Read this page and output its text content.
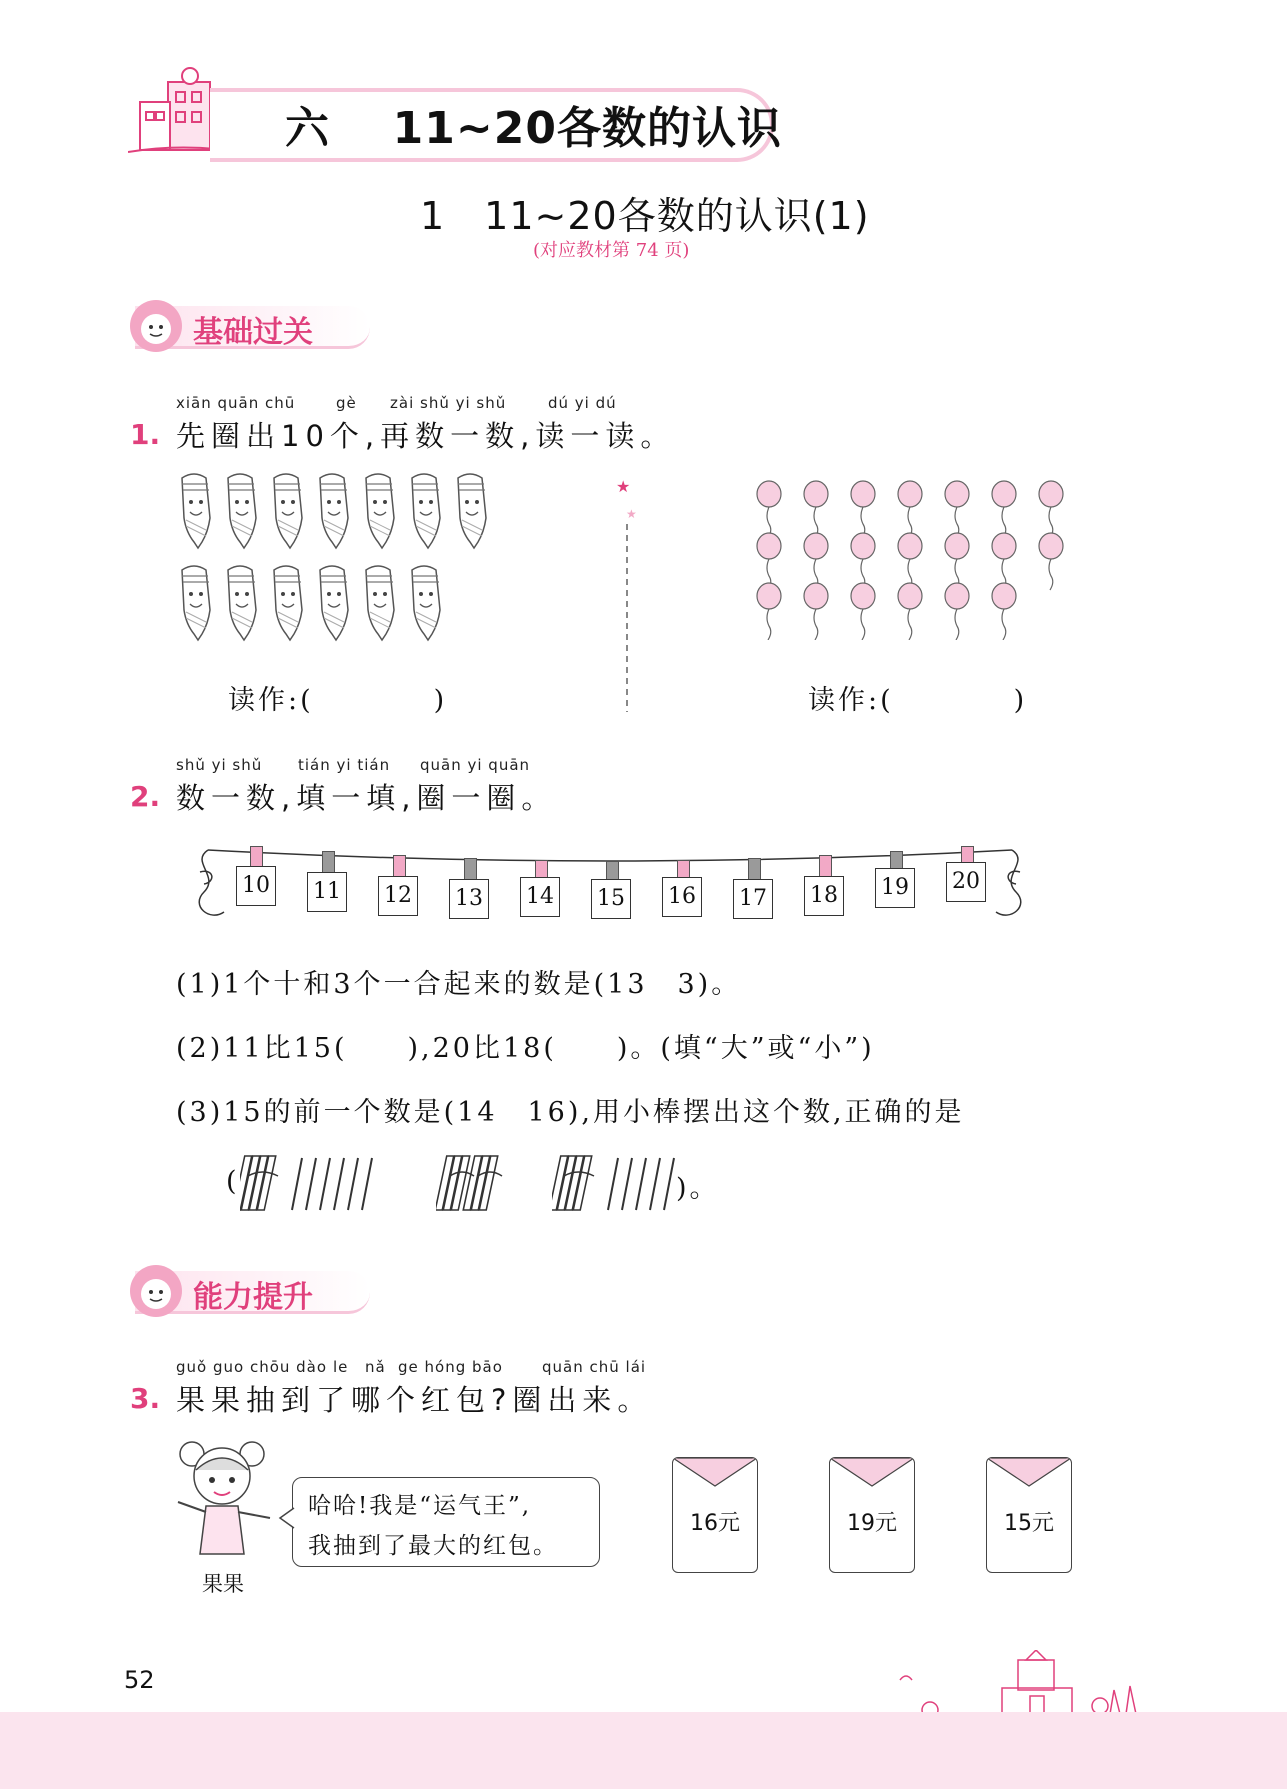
六 11~20各数的认识
1　11~20各数的认识(1)
(对应教材第 74 页)
基础过关
xiān quān chū	gè zài shǔ yi shǔ	dú yi dú
1. 先圈出10个,再数一数,读一读。
★
★
读作:(　　　　)	读作:(　　　　)
shǔ yi shǔ tián yi tián quān yi quān
2. 数一数,填一填,圈一圈。
10 11 12 13 14 15 16 17 18 19 20
(1)1个十和3个一合起来的数是(13　3)。
(2)11比15(　　),20比18(　　)。(填“大”或“小”)
(3)15的前一个数是(14　16),用小棒摆出这个数,正确的是
(	)。
能力提升
guǒ guo chōu dào le nǎ ge hóng bāo	quān chū lái
3. 果果抽到了哪个红包?圈出来。
果果
哈哈!我是“运气王”,
我抽到了最大的红包。
16元	19元	15元
52
